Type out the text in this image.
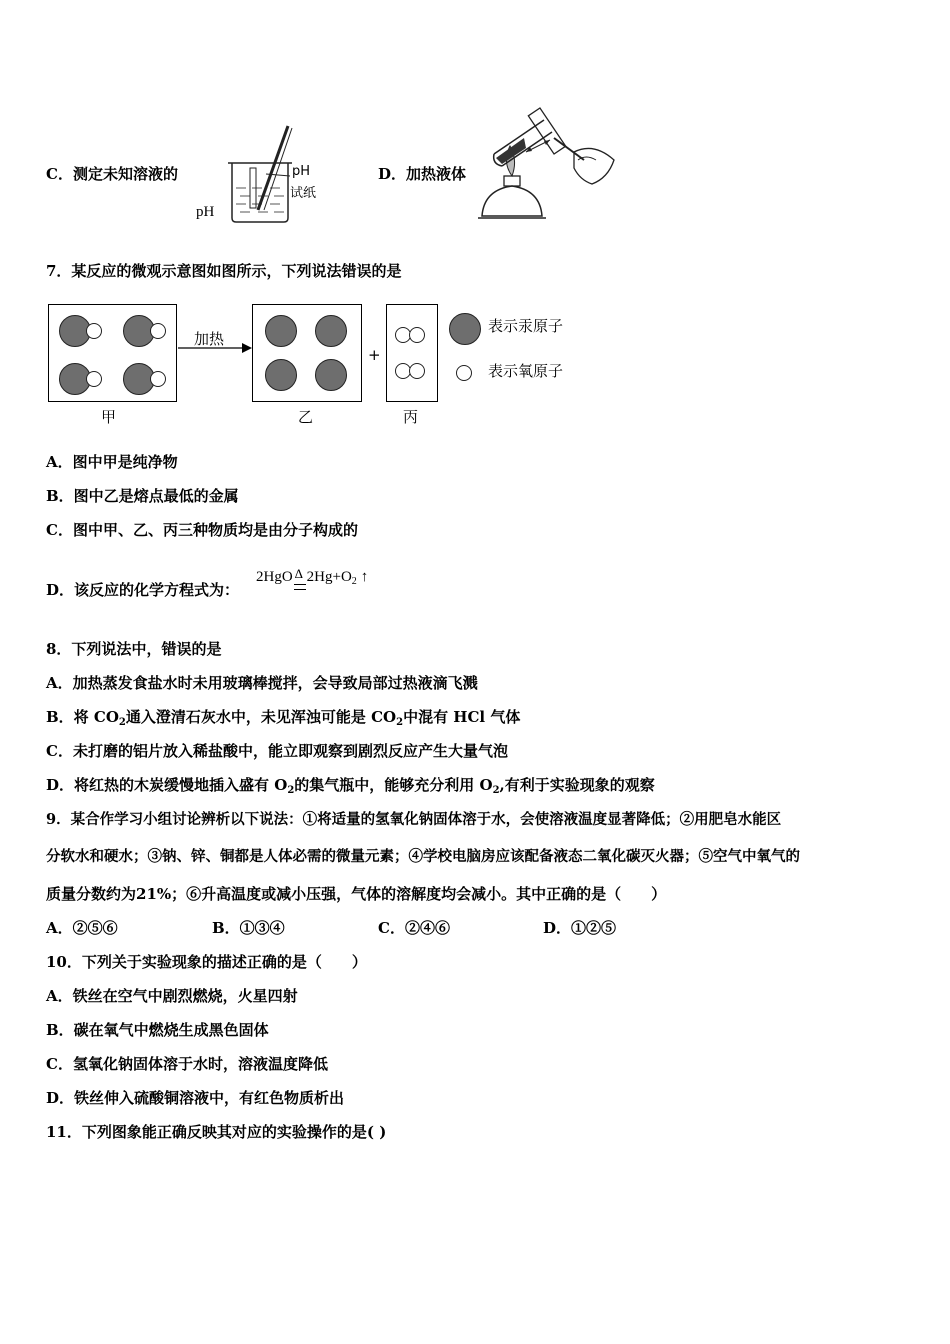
C．测定未知溶液的	pH
试纸
pH
D．加热液体
7．某反应的微观示意图如图所示，下列说法错误的是
加热
+
表示汞原子
表示氧原子
甲	乙	丙
A．图中甲是纯净物
B．图中乙是熔点最低的金属
C．图中甲、乙、丙三种物质均是由分子构成的
D．该反应的化学方程式为：
2HgO Δ $2Hg+O_2$ ↑
8．下列说法中，错误的是
A．加热蒸发食盐水时未用玻璃棒搅拌，会导致局部过热液滴飞溅
B．将 $CO_2$通入澄清石灰水中，未见浑浊可能是 $CO_2$中混有 HCl 气体
C．未打磨的铝片放入稀盐酸中，能立即观察到剧烈反应产生大量气泡
D．将红热的木炭缓慢地插入盛有 $O_2$的集气瓶中，能够充分利用 $O_2$,有利于实验现象的观察
9．某合作学习小组讨论辨析以下说法：①将适量的氢氧化钠固体溶于水，会使溶液温度显著降低；②用肥皂水能区
分软水和硬水；③钠、锌、铜都是人体必需的微量元素；④学校电脑房应该配备液态二氧化碳灭火器；⑤空气中氧气的
质量分数约为21%；⑥升高温度或减小压强，气体的溶解度均会减小。其中正确的是（　　）
A．②⑤⑥	B．①③④	C．②④⑥	D．①②⑤
10．下列关于实验现象的描述正确的是（　　）
A．铁丝在空气中剧烈燃烧，火星四射
B．碳在氧气中燃烧生成黑色固体
C．氢氧化钠固体溶于水时，溶液温度降低
D．铁丝伸入硫酸铜溶液中，有红色物质析出
11．下列图象能正确反映其对应的实验操作的是( )
